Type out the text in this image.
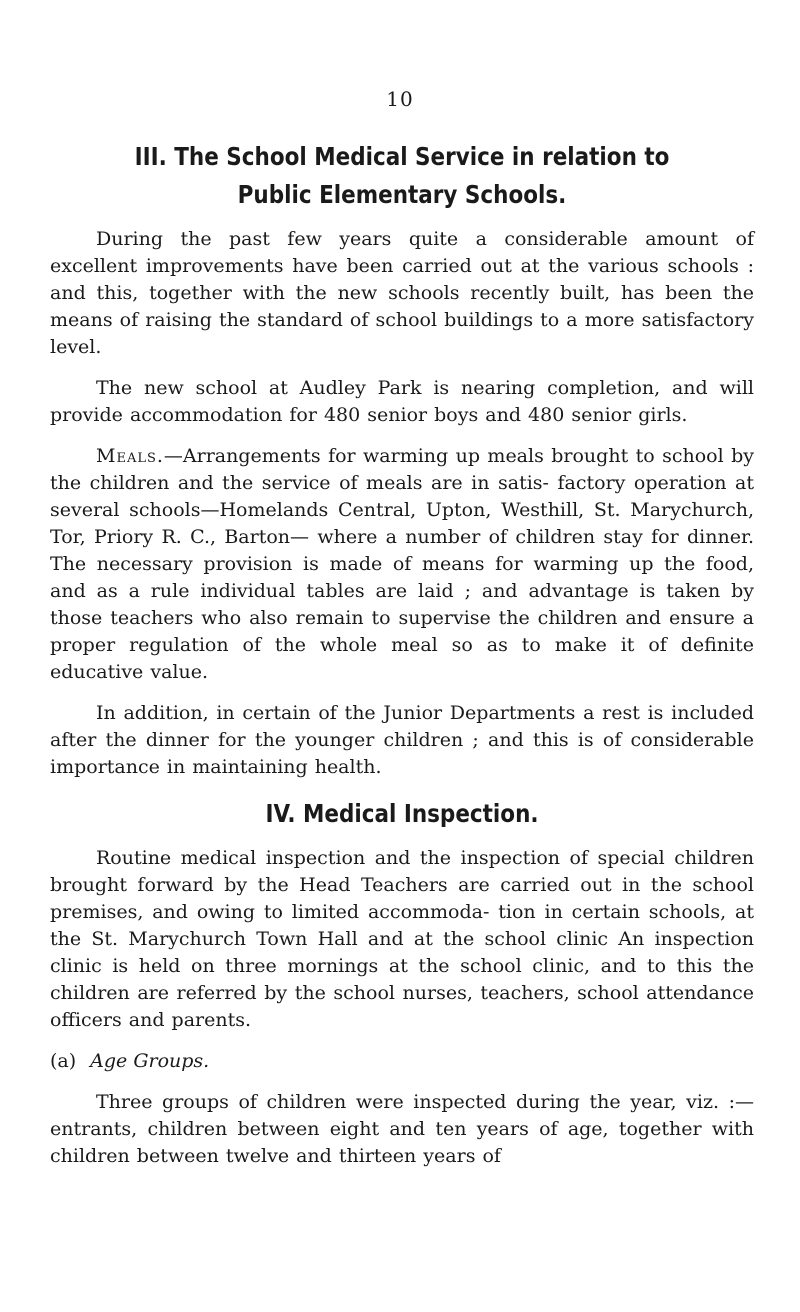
10
III. The School Medical Service in relation to Public Elementary Schools.

During the past few years quite a considerable amount of excellent improvements have been carried out at the various schools : and this, together with the new schools recently built, has been the means of raising the standard of school buildings to a more satisfactory level.

The new school at Audley Park is nearing completion, and will provide accommodation for 480 senior boys and 480 senior girls.

Meals.—Arrangements for warming up meals brought to school by the children and the service of meals are in satis- factory operation at several schools—Homelands Central, Upton, Westhill, St. Marychurch, Tor, Priory R. C., Barton— where a number of children stay for dinner. The necessary provision is made of means for warming up the food, and as a rule individual tables are laid ; and advantage is taken by those teachers who also remain to supervise the children and ensure a proper regulation of the whole meal so as to make it of definite educative value.

In addition, in certain of the Junior Departments a rest is included after the dinner for the younger children ; and this is of considerable importance in maintaining health.

IV. Medical Inspection.

Routine medical inspection and the inspection of special children brought forward by the Head Teachers are carried out in the school premises, and owing to limited accommoda- tion in certain schools, at the St. Marychurch Town Hall and at the school clinic An inspection clinic is held on three mornings at the school clinic, and to this the children are referred by the school nurses, teachers, school attendance officers and parents.

(a) Age Groups.

Three groups of children were inspected during the year, viz. :—entrants, children between eight and ten years of age, together with children between twelve and thirteen years of
